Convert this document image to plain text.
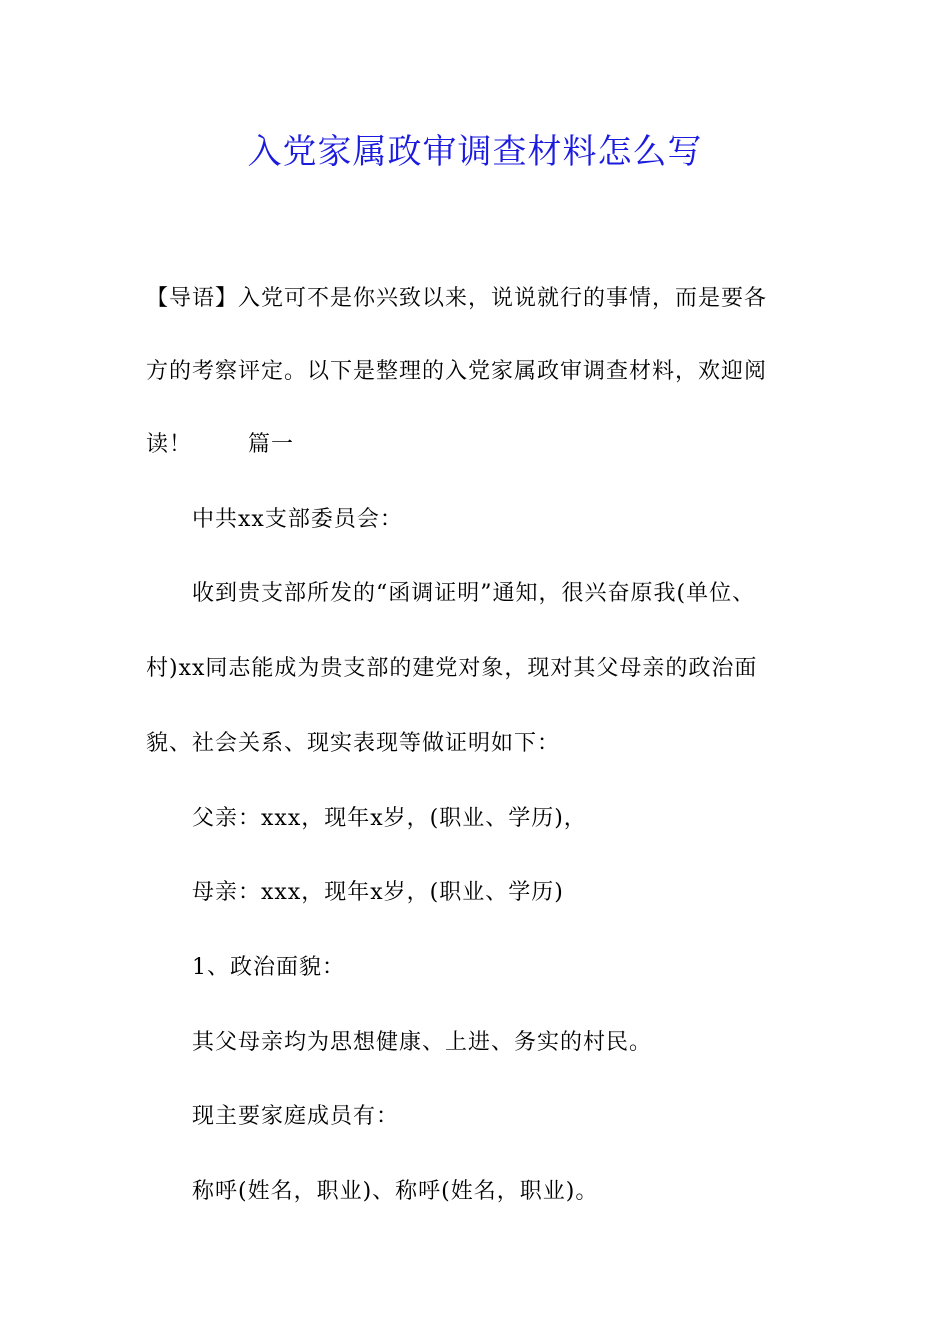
入党家属政审调查材料怎么写
【导语】入党可不是你兴致以来，说说就行的事情，而是要各
方的考察评定。以下是整理的入党家属政审调查材料，欢迎阅
读！	篇一
中共xx支部委员会：
收到贵支部所发的“函调证明”通知，很兴奋原我(单位、
村)xx同志能成为贵支部的建党对象，现对其父母亲的政治面
貌、社会关系、现实表现等做证明如下：
父亲：xxx，现年x岁，(职业、学历)，
母亲：xxx，现年x岁，(职业、学历)
1、政治面貌：
其父母亲均为思想健康、上进、务实的村民。
现主要家庭成员有：
称呼(姓名，职业)、称呼(姓名，职业)。
